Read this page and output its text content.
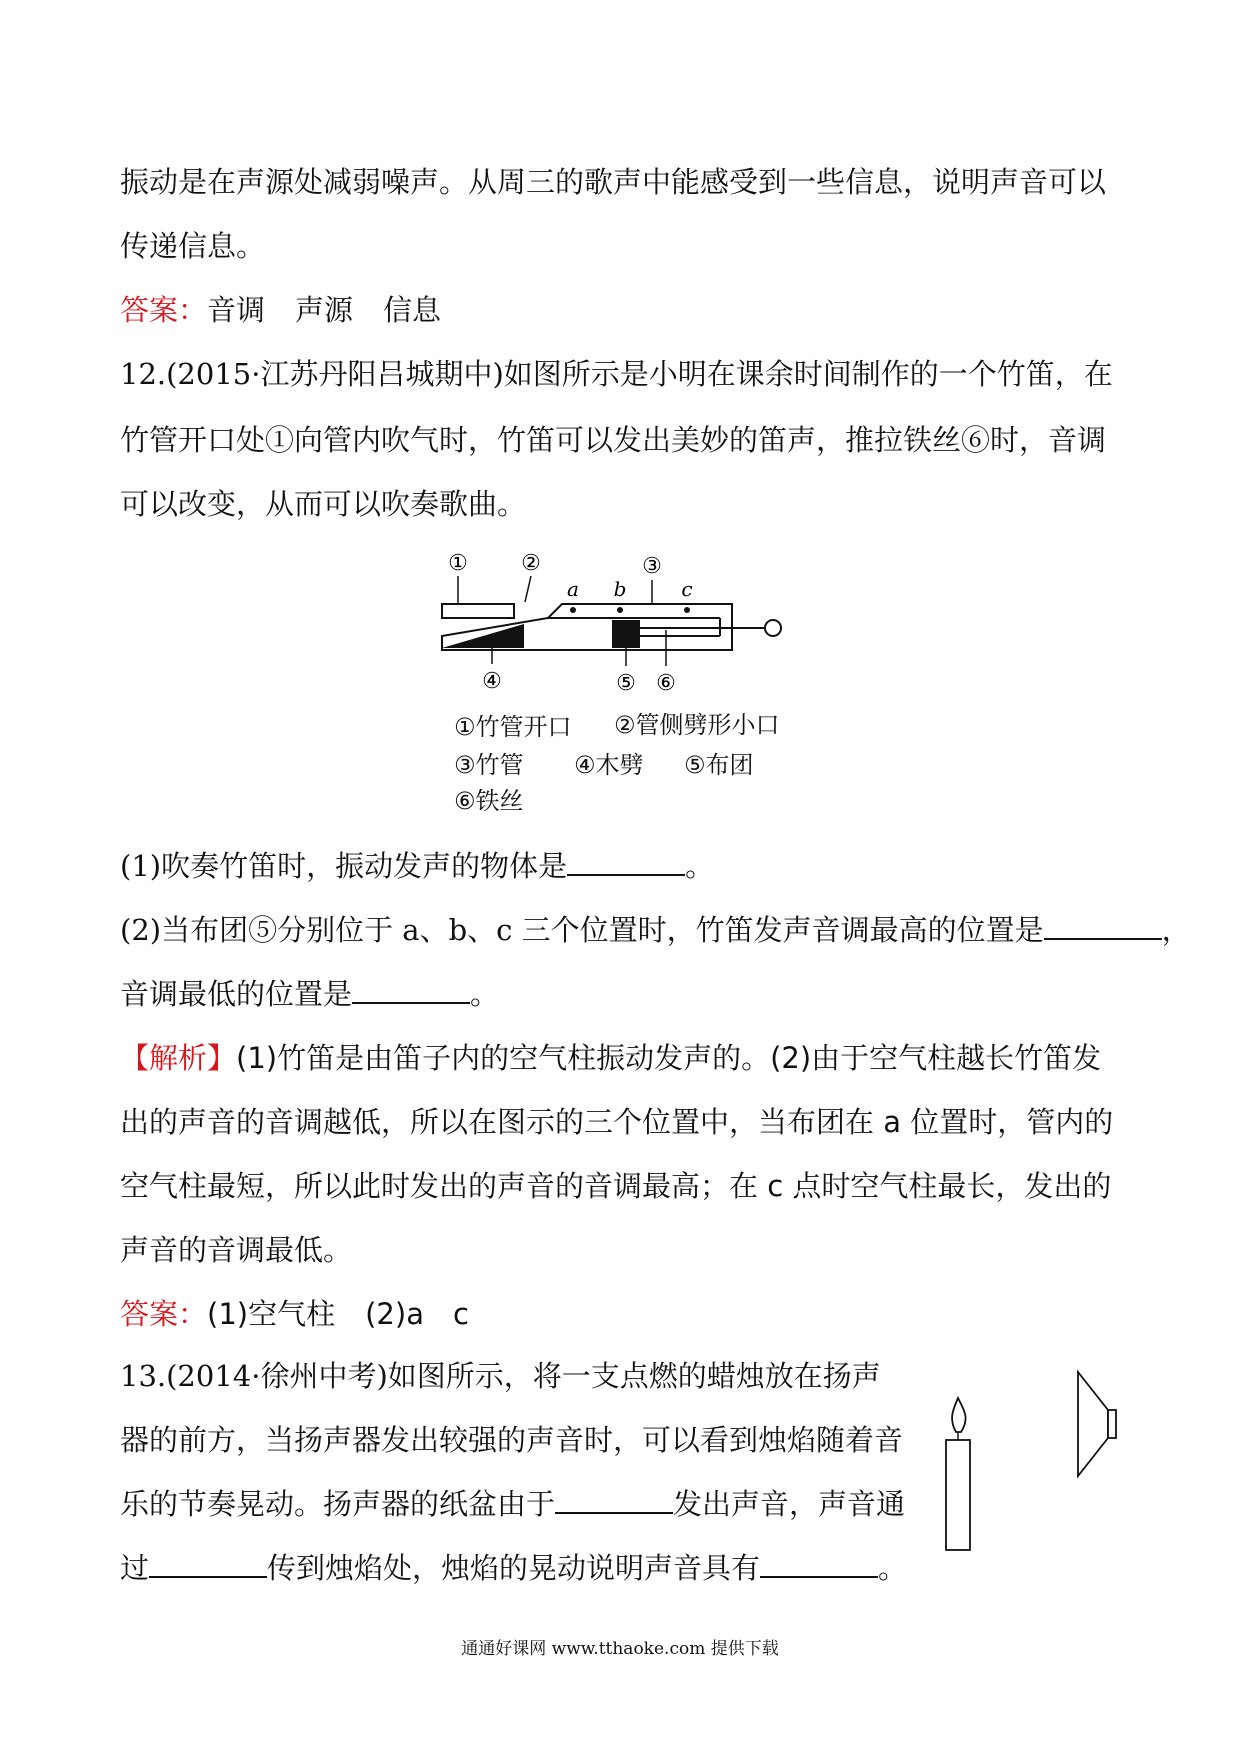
振动是在声源处减弱噪声。从周三的歌声中能感受到一些信息，说明声音可以
传递信息。
答案：音调 声源 信息
12.(2015·江苏丹阳吕城期中)如图所示是小明在课余时间制作的一个竹笛，在
竹管开口处①向管内吹气时，竹笛可以发出美妙的笛声，推拉铁丝⑥时，音调
可以改变，从而可以吹奏歌曲。
① ②	③
a b	c
④	⑤ ⑥
①竹管开口 ②管侧劈形小口
③竹管 ④木劈 ⑤布团
⑥铁丝
(1)吹奏竹笛时，振动发声的物体是	。
(2)当布团⑤分别位于 a、b、c 三个位置时，竹笛发声音调最高的位置是	，
音调最低的位置是	。
【解析】(1)竹笛是由笛子内的空气柱振动发声的。(2)由于空气柱越长竹笛发
出的声音的音调越低，所以在图示的三个位置中，当布团在 a 位置时，管内的
空气柱最短，所以此时发出的声音的音调最高；在 c 点时空气柱最长，发出的
声音的音调最低。
答案：(1)空气柱 (2)a　c
13.(2014·徐州中考)如图所示，将一支点燃的蜡烛放在扬声
器的前方，当扬声器发出较强的声音时，可以看到烛焰随着音
乐的节奏晃动。扬声器的纸盆由于	发出声音，声音通
过	传到烛焰处，烛焰的晃动说明声音具有	。
通通好课网 www.tthaoke.com 提供下载
